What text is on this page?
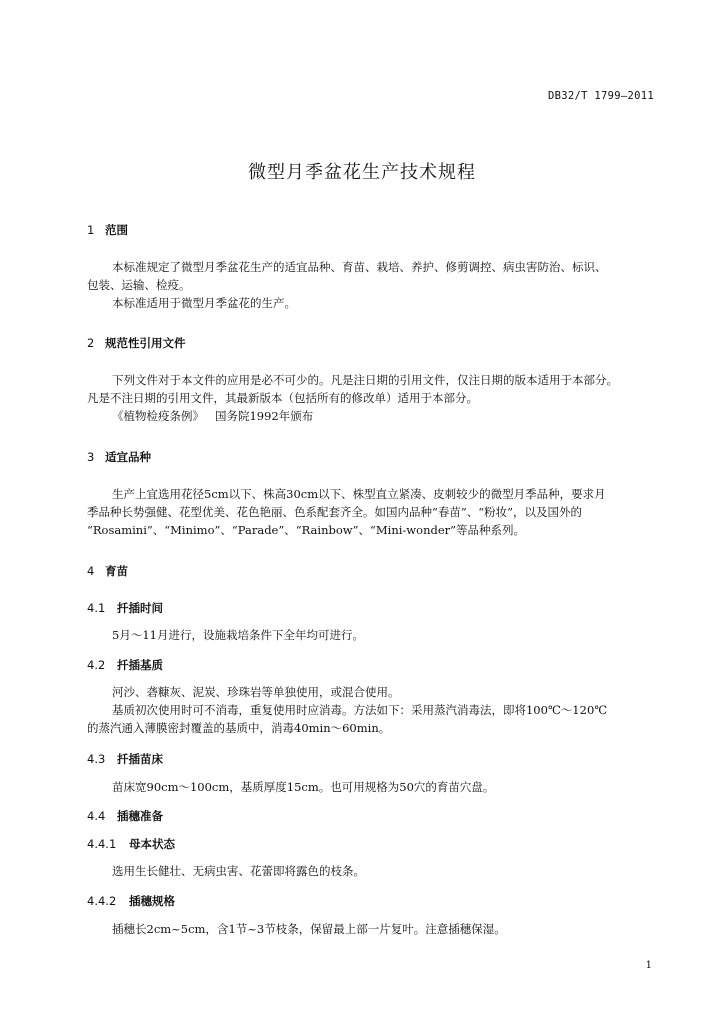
DB32/T 1799—2011
微型月季盆花生产技术规程
1 范围
本标准规定了微型月季盆花生产的适宜品种、育苗、栽培、养护、修剪调控、病虫害防治、标识、
包装、运输、检疫。
本标准适用于微型月季盆花的生产。
2 规范性引用文件
下列文件对于本文件的应用是必不可少的。凡是注日期的引用文件，仅注日期的版本适用于本部分。
凡是不注日期的引用文件，其最新版本（包括所有的修改单）适用于本部分。
《植物检疫条例》   国务院1992年颁布
3 适宜品种
生产上宜选用花径5cm以下、株高30cm以下、株型直立紧凑、皮刺较少的微型月季品种，要求月
季品种长势强健、花型优美、花色艳丽、色系配套齐全。如国内品种“春苗”、“粉妆”，以及国外的
“Rosamini”、“Minimo”、“Parade”、“Rainbow”、“Mini-wonder”等品种系列。
4 育苗
4.1 扦插时间
5月～11月进行，设施栽培条件下全年均可进行。
4.2 扦插基质
河沙、砻糠灰、泥炭、珍珠岩等单独使用，或混合使用。
基质初次使用时可不消毒，重复使用时应消毒。方法如下：采用蒸汽消毒法，即将100℃～120℃
的蒸汽通入薄膜密封覆盖的基质中，消毒40min～60min。
4.3 扦插苗床
苗床宽90cm～100cm，基质厚度15cm。也可用规格为50穴的育苗穴盘。
4.4 插穗准备
4.4.1 母本状态
选用生长健壮、无病虫害、花蕾即将露色的枝条。
4.4.2 插穗规格
插穗长2cm~5cm，含1节~3节枝条，保留最上部一片复叶。注意插穗保湿。
1
